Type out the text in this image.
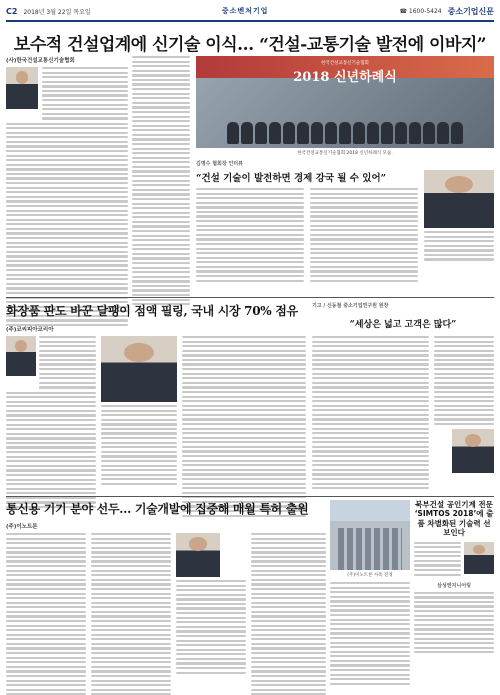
C2 2018년 3월 22일 목요일	중소벤처기업	☎ 1600-5424 중소기업신문
보수적 건설업계에 신기술 이식… “건설-교통기술 발전에 이바지”
(사)한국건설교통신기술협회	한국건설교통신기술협회
2018 신년하례식
한국건설교통신기술협회 2018 신년하례식 모습.
김명수 협회장 인터뷰
“건설 기술이 발전하면 경제 강국 될 수 있어”
화장품 판도 바꾼 달팽이 점액 필링, 국내 시장 70% 점유
(주)코씨피아코리아
기고 / 신동철 중소기업연구원 원장
“세상은 넓고 고객은 많다”
통신용 기기 분야 선두… 기술개발에 집중해 매월 특허 출원
(주)이노트론
(주)이노트론 사옥 전경
북부건설 공인기계 전문 ‘SIMTOS 2018’에 출품 차별화된 기술력 선보인다
삼성엔지니어링
